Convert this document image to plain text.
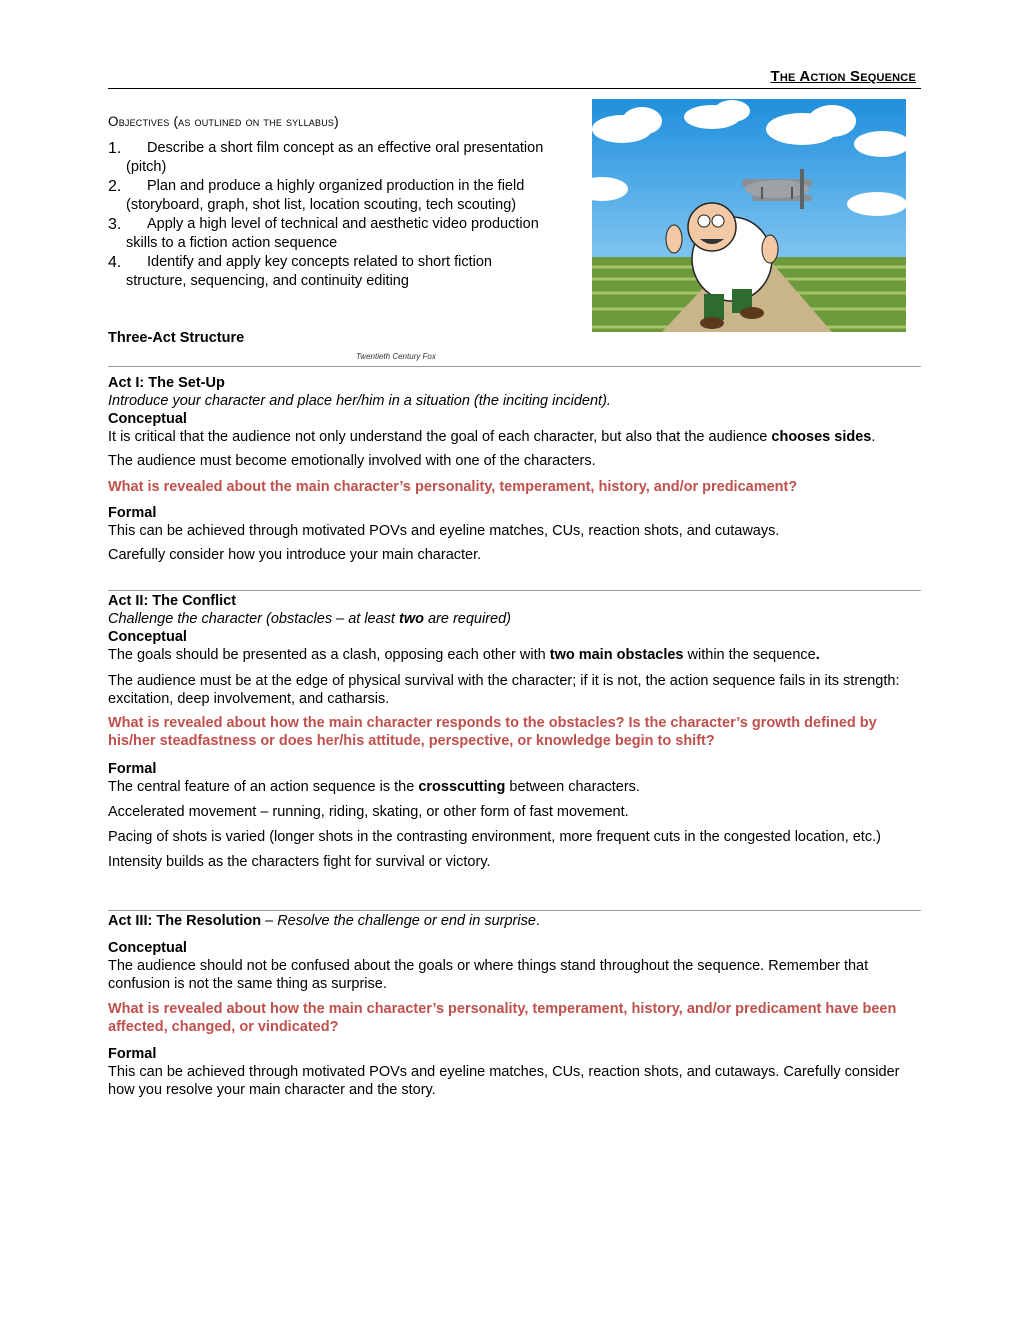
The Action Sequence
Objectives (as outlined on the syllabus)
1. Describe a short film concept as an effective oral presentation (pitch)
2. Plan and produce a highly organized production in the field (storyboard, graph, shot list, location scouting, tech scouting)
3. Apply a high level of technical and aesthetic video production skills to a fiction action sequence
4. Identify and apply key concepts related to short fiction structure, sequencing, and continuity editing
Three-Act Structure
Twentieth Century Fox
Act I: The Set-Up

Introduce your character and place her/him in a situation (the inciting incident).

Conceptual

It is critical that the audience not only understand the goal of each character, but also that the audience chooses sides.

The audience must become emotionally involved with one of the characters.

What is revealed about the main character’s personality, temperament, history, and/or predicament?

Formal

This can be achieved through motivated POVs and eyeline matches, CUs, reaction shots, and cutaways.

Carefully consider how you introduce your main character.

Act II: The Conflict

Challenge the character (obstacles – at least two are required)

Conceptual

The goals should be presented as a clash, opposing each other with two main obstacles within the sequence.

The audience must be at the edge of physical survival with the character; if it is not, the action sequence fails in its strength: excitation, deep involvement, and catharsis.

What is revealed about how the main character responds to the obstacles? Is the character’s growth defined by his/her steadfastness or does her/his attitude, perspective, or knowledge begin to shift?

Formal

The central feature of an action sequence is the crosscutting between characters.

Accelerated movement – running, riding, skating, or other form of fast movement.

Pacing of shots is varied (longer shots in the contrasting environment, more frequent cuts in the congested location, etc.)

Intensity builds as the characters fight for survival or victory.

Act III: The Resolution – Resolve the challenge or end in surprise.

Conceptual

The audience should not be confused about the goals or where things stand throughout the sequence. Remember that confusion is not the same thing as surprise.

What is revealed about how the main character’s personality, temperament, history, and/or predicament have been affected, changed, or vindicated?

Formal

This can be achieved through motivated POVs and eyeline matches, CUs, reaction shots, and cutaways. Carefully consider how you resolve your main character and the story.
